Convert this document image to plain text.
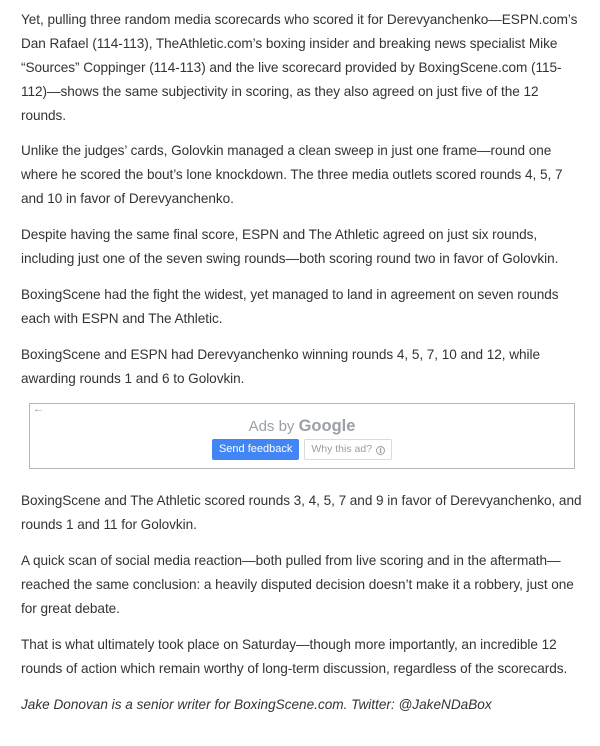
Yet, pulling three random media scorecards who scored it for Derevyanchenko—ESPN.com’s Dan Rafael (114-113), TheAthletic.com’s boxing insider and breaking news specialist Mike “Sources” Coppinger (114-113) and the live scorecard provided by BoxingScene.com (115-112)—shows the same subjectivity in scoring, as they also agreed on just five of the 12 rounds.

Unlike the judges’ cards, Golovkin managed a clean sweep in just one frame—round one where he scored the bout’s lone knockdown. The three media outlets scored rounds 4, 5, 7 and 10 in favor of Derevyanchenko.

Despite having the same final score, ESPN and The Athletic agreed on just six rounds, including just one of the seven swing rounds—both scoring round two in favor of Golovkin.

BoxingScene had the fight the widest, yet managed to land in agreement on seven rounds each with ESPN and The Athletic.

BoxingScene and ESPN had Derevyanchenko winning rounds 4, 5, 7, 10 and 12, while awarding rounds 1 and 6 to Golovkin.

←
Ads by Google
Send feedback Why this ad? i

BoxingScene and The Athletic scored rounds 3, 4, 5, 7 and 9 in favor of Derevyanchenko, and rounds 1 and 11 for Golovkin.

A quick scan of social media reaction—both pulled from live scoring and in the aftermath—reached the same conclusion: a heavily disputed decision doesn’t make it a robbery, just one for great debate.

That is what ultimately took place on Saturday—though more importantly, an incredible 12 rounds of action which remain worthy of long-term discussion, regardless of the scorecards.

Jake Donovan is a senior writer for BoxingScene.com. Twitter: @JakeNDaBox
